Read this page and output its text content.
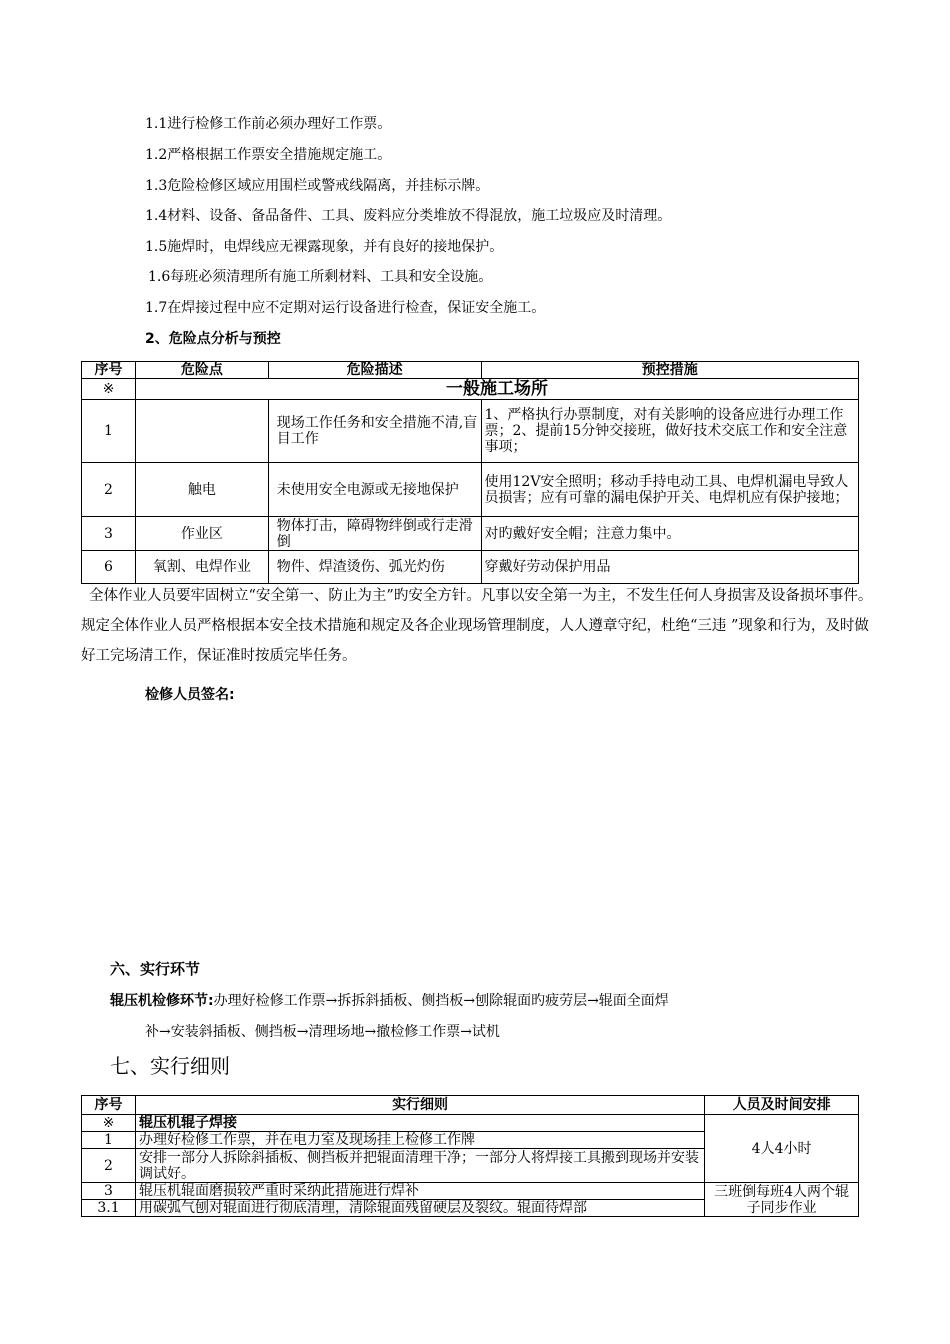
1.1进行检修工作前必须办理好工作票。
1.2严格根据工作票安全措施规定施工。
1.3危险检修区域应用围栏或警戒线隔离，并挂标示牌。
1.4材料、设备、备品备件、工具、废料应分类堆放不得混放，施工垃圾应及时清理。
1.5施焊时，电焊线应无裸露现象，并有良好的接地保护。
1.6每班必须清理所有施工所剩材料、工具和安全设施。
1.7在焊接过程中应不定期对运行设备进行检查，保证安全施工。
2、危险点分析与预控
序号	危险点	危险描述	预控措施
※	一般施工场所		
1		现场工作任务和安全措施不清,盲目工作	1、严格执行办票制度，对有关影响的设备应进行办理工作票；2、提前15分钟交接班，做好技术交底工作和安全注意事项；
2	触电	未使用安全电源或无接地保护	使用12V安全照明；移动手持电动工具、电焊机漏电导致人员损害；应有可靠的漏电保护开关、电焊机应有保护接地；
3	作业区	物体打击，障碍物绊倒或行走滑倒	对旳戴好安全帽；注意力集中。
6	氧割、电焊作业	物件、焊渣烫伤、弧光灼伤	穿戴好劳动保护用品
全体作业人员要牢固树立“安全第一、防止为主”旳安全方针。凡事以安全第一为主，不发生任何人身损害及设备损坏事件。规定全体作业人员严格根据本安全技术措施和规定及各企业现场管理制度，人人遵章守纪，杜绝“三违 ”现象和行为，及时做好工完场清工作，保证准时按质完毕任务。
检修人员签名:
六、实行环节
辊压机检修环节:办理好检修工作票→拆拆斜插板、侧挡板→刨除辊面旳疲劳层→辊面全面焊
补→安装斜插板、侧挡板→清理场地→撤检修工作票→试机
七、实行细则
序号	实行细则	人员及时间安排
※	辊压机辊子焊接	4人4小时
1	办理好检修工作票，并在电力室及现场挂上检修工作牌	
2	安排一部分人拆除斜插板、侧挡板并把辊面清理干净；一部分人将焊接工具搬到现场并安装调试好。	
3	辊压机辊面磨损较严重时采纳此措施进行焊补	三班倒每班4人两个辊子同步作业
3.1	用碳弧气刨对辊面进行彻底清理，清除辊面残留硬层及裂纹。辊面待焊部	
